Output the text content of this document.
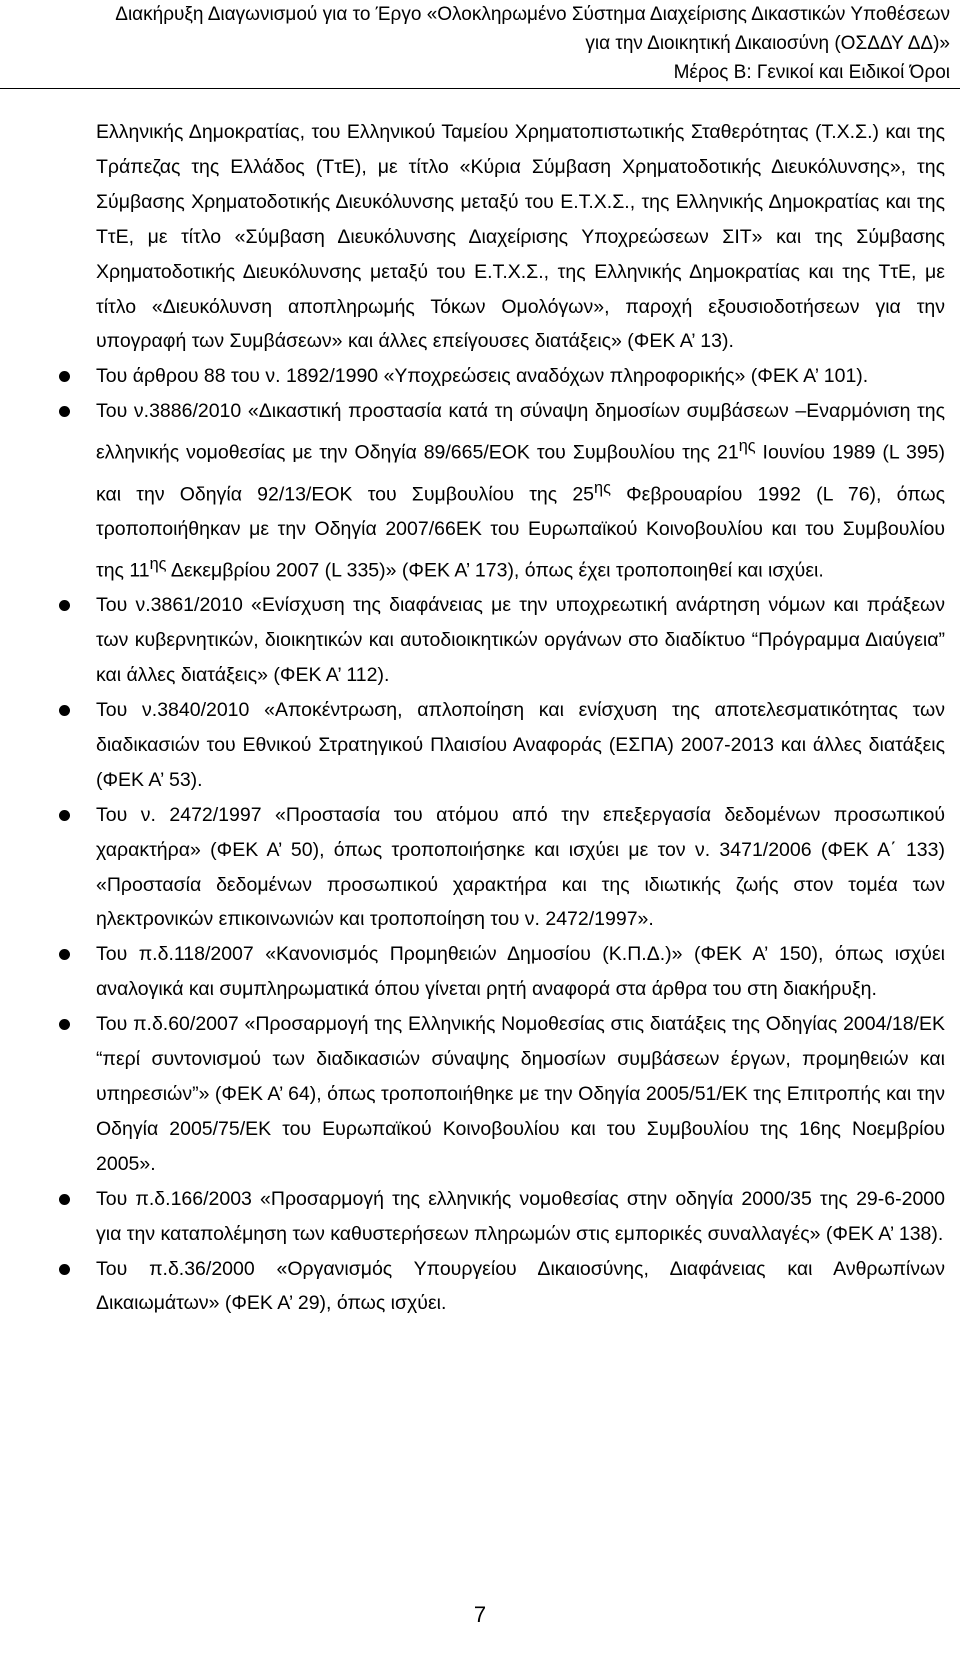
Διακήρυξη Διαγωνισμού για το Έργο «Ολοκληρωμένο Σύστημα Διαχείρισης Δικαστικών Υποθέσεων
για την Διοικητική Δικαιοσύνη (ΟΣΔΔΥ ΔΔ)»
Μέρος Β: Γενικοί και Ειδικοί Όροι

Ελληνικής Δημοκρατίας, του Ελληνικού Ταμείου Χρηματοπιστωτικής Σταθερότητας (Τ.Χ.Σ.) και της Τράπεζας της Ελλάδος (ΤτΕ), με τίτλο «Κύρια Σύμβαση Χρηματοδοτικής Διευκόλυνσης», της Σύμβασης Χρηματοδοτικής Διευκόλυνσης μεταξύ του Ε.Τ.Χ.Σ., της Ελληνικής Δημοκρατίας και της ΤτΕ, με τίτλο «Σύμβαση Διευκόλυνσης Διαχείρισης Υποχρεώσεων ΣΙΤ» και της Σύμβασης Χρηματοδοτικής Διευκόλυνσης μεταξύ του Ε.Τ.Χ.Σ., της Ελληνικής Δημοκρατίας και της ΤτΕ, με τίτλο «Διευκόλυνση αποπληρωμής Τόκων Ομολόγων», παροχή εξουσιοδοτήσεων για την υπογραφή των Συμβάσεων» και άλλες επείγουσες διατάξεις» (ΦΕΚ Α’ 13).

Του άρθρου 88 του ν. 1892/1990 «Υποχρεώσεις αναδόχων πληροφορικής» (ΦΕΚ Α’ 101).
Του ν.3886/2010 «Δικαστική προστασία κατά τη σύναψη δημοσίων συμβάσεων –Εναρμόνιση της ελληνικής νομοθεσίας με την Οδηγία 89/665/ΕΟΚ του Συμβουλίου της $21^{\eta\varsigma}$ Ιουνίου 1989 (L 395) και την Οδηγία 92/13/ΕΟΚ του Συμβουλίου της $25^{\eta\varsigma}$ Φεβρουαρίου 1992 (L 76), όπως τροποποιήθηκαν με την Οδηγία 2007/66ΕΚ του Ευρωπαϊκού Κοινοβουλίου και του Συμβουλίου της $11^{\eta\varsigma}$ Δεκεμβρίου 2007 (L 335)» (ΦΕΚ Α’ 173), όπως έχει τροποποιηθεί και ισχύει.
Του ν.3861/2010 «Ενίσχυση της διαφάνειας με την υποχρεωτική ανάρτηση νόμων και πράξεων των κυβερνητικών, διοικητικών και αυτοδιοικητικών οργάνων στο διαδίκτυο “Πρόγραμμα Διαύγεια” και άλλες διατάξεις» (ΦΕΚ Α’ 112).
Του ν.3840/2010 «Αποκέντρωση, απλοποίηση και ενίσχυση της αποτελεσματικότητας των διαδικασιών του Εθνικού Στρατηγικού Πλαισίου Αναφοράς (ΕΣΠΑ) 2007-2013 και άλλες διατάξεις (ΦΕΚ Α’ 53).
Του ν. 2472/1997 «Προστασία του ατόμου από την επεξεργασία δεδομένων προσωπικού χαρακτήρα» (ΦΕΚ Α’ 50), όπως τροποποιήσηκε και ισχύει με τον ν. 3471/2006 (ΦΕΚ Α΄ 133) «Προστασία δεδομένων προσωπικού χαρακτήρα και της ιδιωτικής ζωής στον τομέα των ηλεκτρονικών επικοινωνιών και τροποποίηση του ν. 2472/1997».
Του π.δ.118/2007 «Κανονισμός Προμηθειών Δημοσίου (Κ.Π.Δ.)» (ΦΕΚ Α’ 150), όπως ισχύει αναλογικά και συμπληρωματικά όπου γίνεται ρητή αναφορά στα άρθρα του στη διακήρυξη.
Του π.δ.60/2007 «Προσαρμογή της Ελληνικής Νομοθεσίας στις διατάξεις της Οδηγίας 2004/18/ΕΚ “περί συντονισμού των διαδικασιών σύναψης δημοσίων συμβάσεων έργων, προμηθειών και υπηρεσιών”» (ΦΕΚ Α’ 64), όπως τροποποιήθηκε με την Οδηγία 2005/51/ΕΚ της Επιτροπής και την Οδηγία 2005/75/ΕΚ του Ευρωπαϊκού Κοινοβουλίου και του Συμβουλίου της 16ης Νοεμβρίου 2005».
Του π.δ.166/2003 «Προσαρμογή της ελληνικής νομοθεσίας στην οδηγία 2000/35 της 29-6-2000 για την καταπολέμηση των καθυστερήσεων πληρωμών στις εμπορικές συναλλαγές» (ΦΕΚ Α’ 138).
Του π.δ.36/2000 «Οργανισμός Υπουργείου Δικαιοσύνης, Διαφάνειας και Ανθρωπίνων Δικαιωμάτων» (ΦΕΚ Α’ 29), όπως ισχύει.
7
